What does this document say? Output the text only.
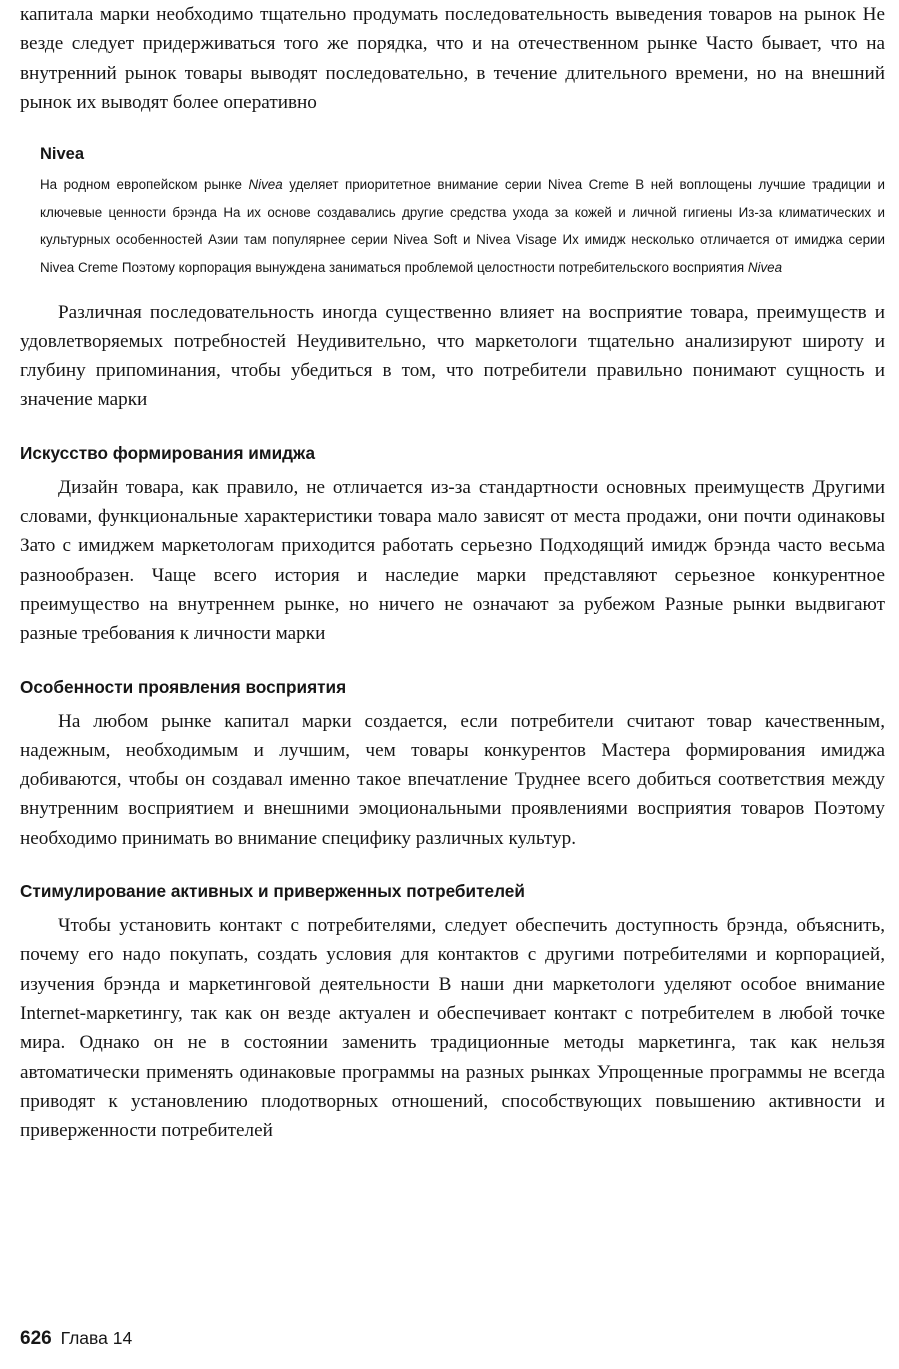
капитала марки необходимо тщательно продумать последовательность выведения товаров на рынок Не везде следует придерживаться того же порядка, что и на отечественном рынке Часто бывает, что на внутренний рынок товары выводят последовательно, в течение длительного времени, но на внешний рынок их выводят более оперативно

Nivea

На родном европейском рынке Nivea уделяет приоритетное внимание серии Nivea Creme В ней воплощены лучшие традиции и ключевые ценности брэнда На их основе создавались другие средства ухода за кожей и личной гигиены Из-за климатических и культурных особенностей Азии там популярнее серии Nivea Soft и Nivea Visage Их имидж несколько отличается от имиджа серии Nivea Creme Поэтому корпорация вынуждена заниматься проблемой целостности потребительского восприятия Nivea

Различная последовательность иногда существенно влияет на восприятие товара, преимуществ и удовлетворяемых потребностей Неудивительно, что маркетологи тщательно анализируют широту и глубину припоминания, чтобы убедиться в том, что потребители правильно понимают сущность и значение марки

Искусство формирования имиджа

Дизайн товара, как правило, не отличается из-за стандартности основных преимуществ Другими словами, функциональные характеристики товара мало зависят от места продажи, они почти одинаковы Зато с имиджем маркетологам приходится работать серьезно Подходящий имидж брэнда часто весьма разнообразен. Чаще всего история и наследие марки представляют серьезное конкурентное преимущество на внутреннем рынке, но ничего не означают за рубежом Разные рынки выдвигают разные требования к личности марки

Особенности проявления восприятия

На любом рынке капитал марки создается, если потребители считают товар качественным, надежным, необходимым и лучшим, чем товары конкурентов Мастера формирования имиджа добиваются, чтобы он создавал именно такое впечатление Труднее всего добиться соответствия между внутренним восприятием и внешними эмоциональными проявлениями восприятия товаров Поэтому необходимо принимать во внимание специфику различных культур.

Стимулирование активных и приверженных потребителей

Чтобы установить контакт с потребителями, следует обеспечить доступность брэнда, объяснить, почему его надо покупать, создать условия для контактов с другими потребителями и корпорацией, изучения брэнда и маркетинговой деятельности В наши дни маркетологи уделяют особое внимание Internet-маркетингу, так как он везде актуален и обеспечивает контакт с потребителем в любой точке мира. Однако он не в состоянии заменить традиционные методы маркетинга, так как нельзя автоматически применять одинаковые программы на разных рынках Упрощенные программы не всегда приводят к установлению плодотворных отношений, способствующих повышению активности и приверженности потребителей

626 Глава 14
